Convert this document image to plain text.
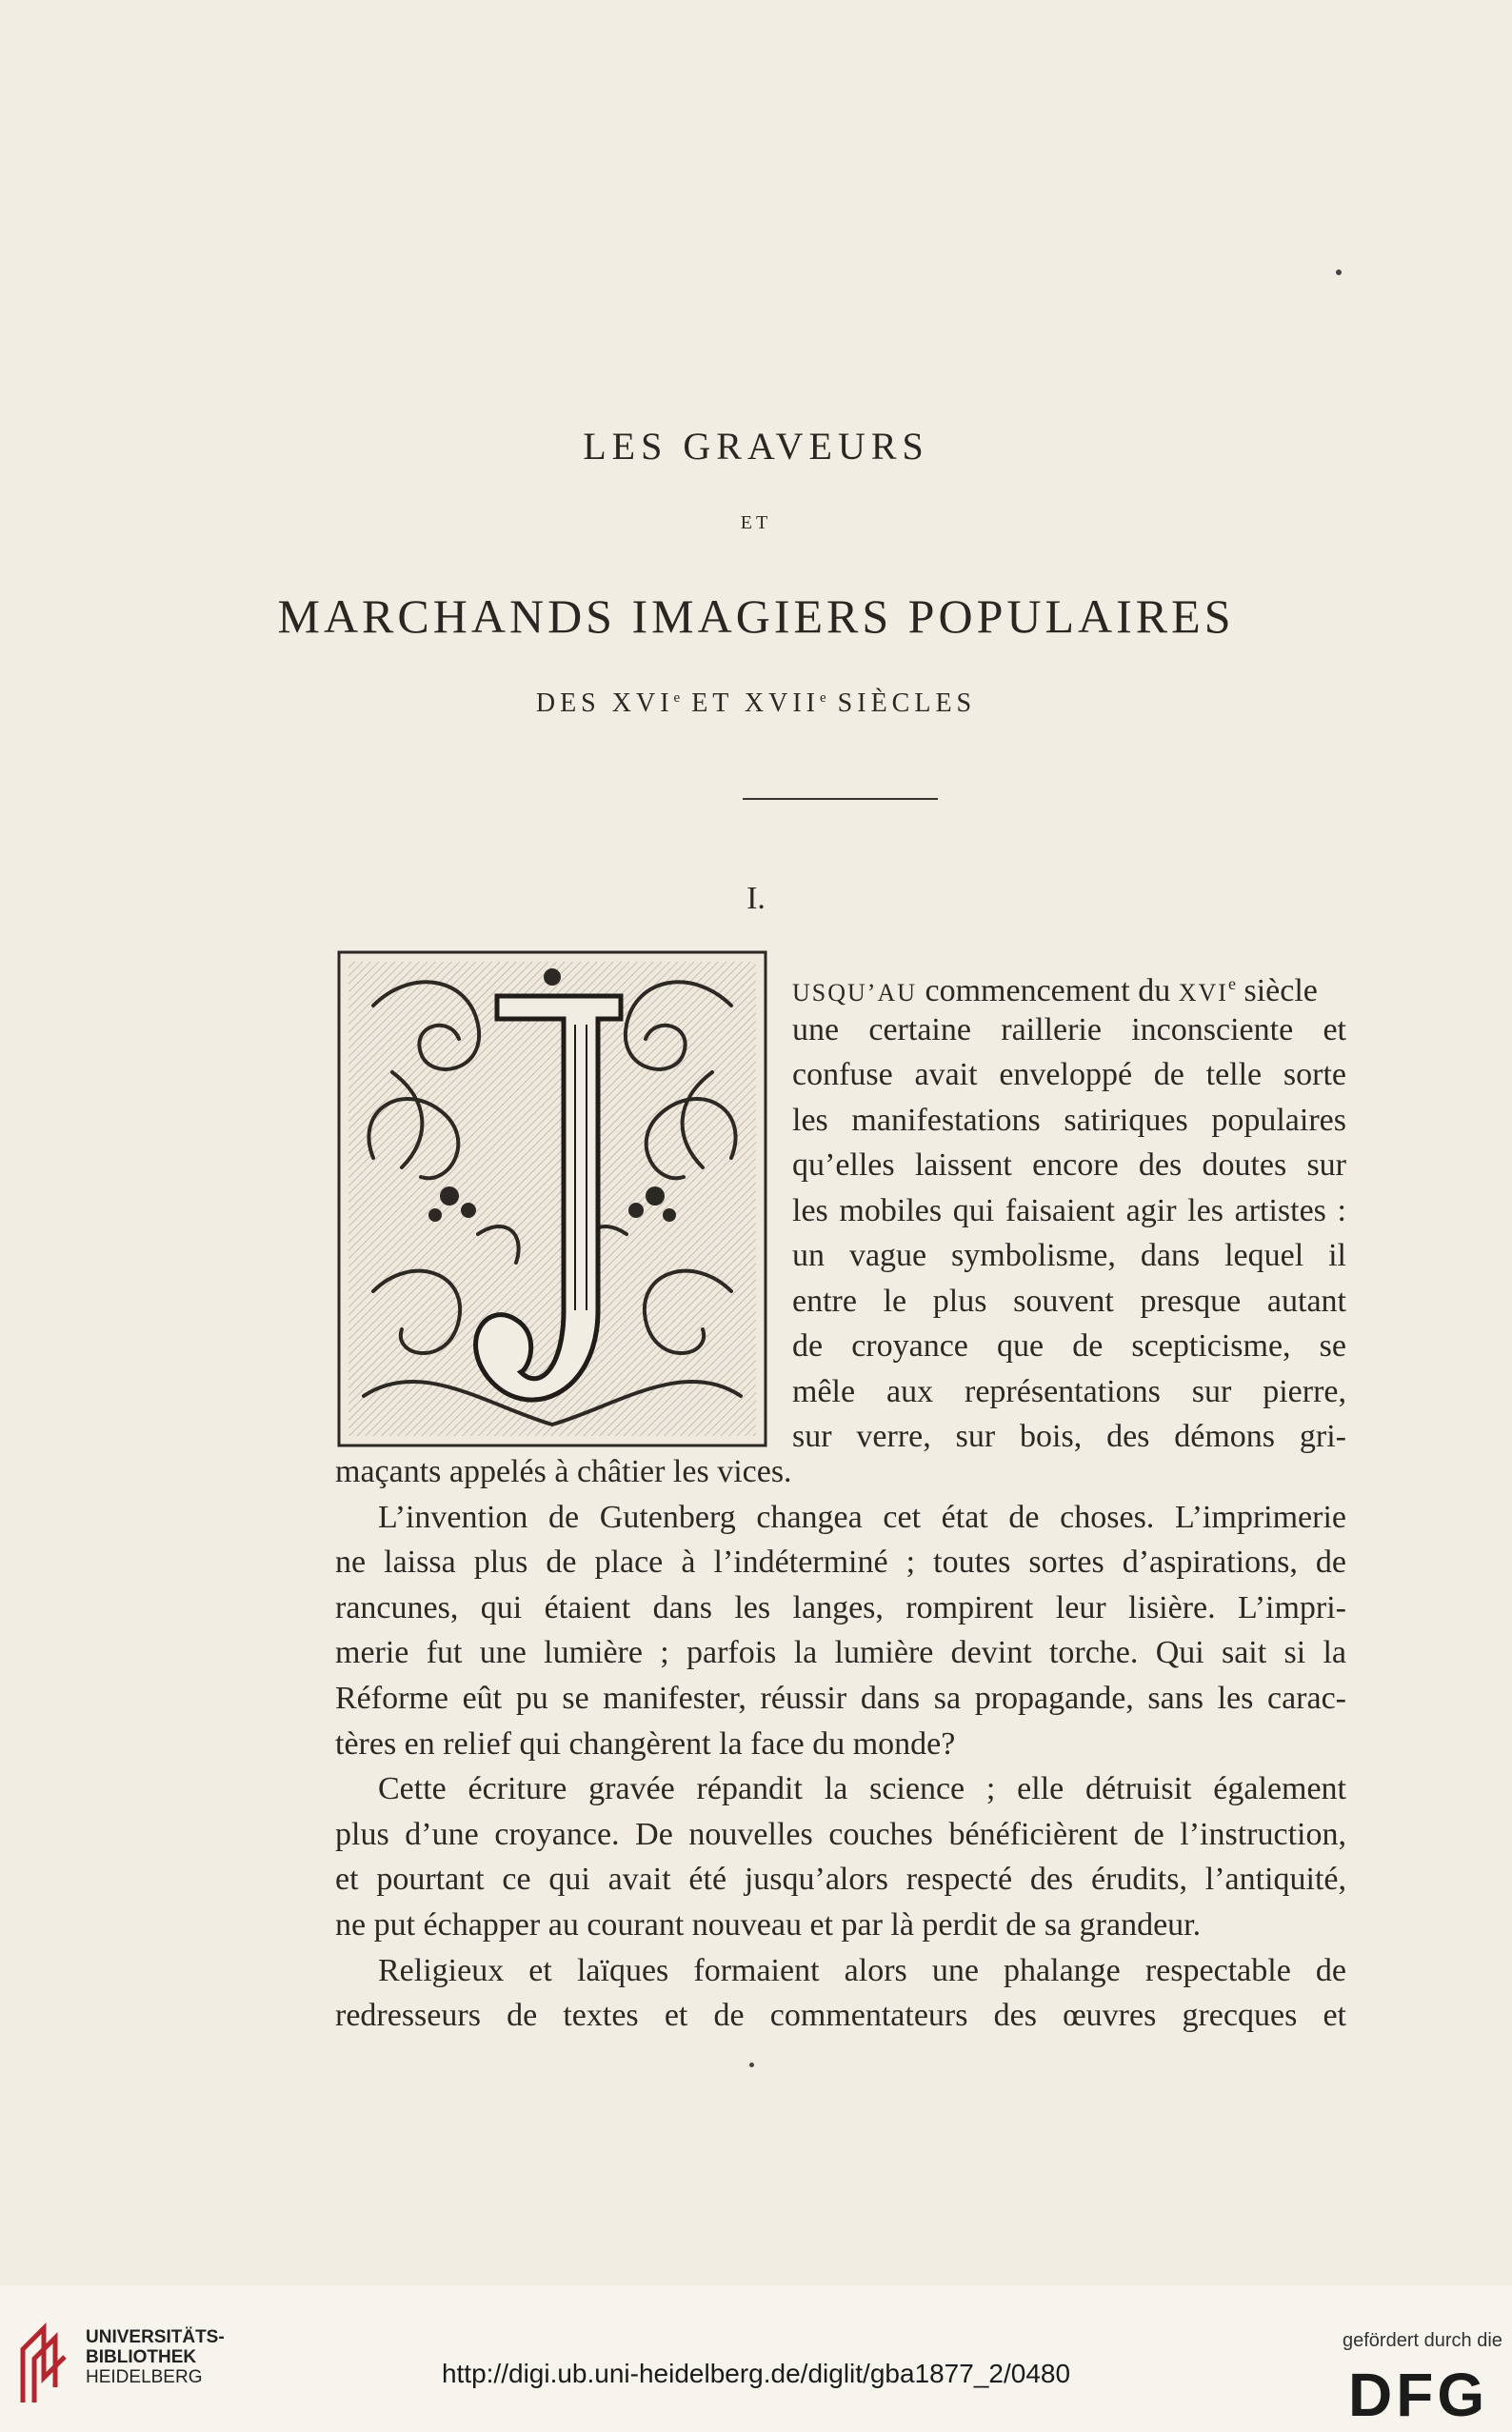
LES GRAVEURS
ET
MARCHANDS IMAGIERS POPULAIRES
DES XVIe ET XVIIe SIÈCLES
I.
USQU’AU commencement du XVIe siècle
une certaine raillerie inconsciente et
confuse avait enveloppé de telle sorte
les manifestations satiriques populaires
qu’elles laissent encore des doutes sur
les mobiles qui faisaient agir les artistes :
un vague symbolisme, dans lequel il
entre le plus souvent presque autant
de croyance que de scepticisme, se
mêle aux représentations sur pierre,
sur verre, sur bois, des démons gri-
maçants appelés à châtier les vices.
L’invention de Gutenberg changea cet état de choses. L’imprimerie
ne laissa plus de place à l’indéterminé ; toutes sortes d’aspirations, de
rancunes, qui étaient dans les langes, rompirent leur lisière. L’impri-
merie fut une lumière ; parfois la lumière devint torche. Qui sait si la
Réforme eût pu se manifester, réussir dans sa propagande, sans les carac-
tères en relief qui changèrent la face du monde?
Cette écriture gravée répandit la science ; elle détruisit également
plus d’une croyance. De nouvelles couches bénéficièrent de l’instruction,
et pourtant ce qui avait été jusqu’alors respecté des érudits, l’antiquité,
ne put échapper au courant nouveau et par là perdit de sa grandeur.
Religieux et laïques formaient alors une phalange respectable de
redresseurs de textes et de commentateurs des œuvres grecques et
UNIVERSITÄTS-
BIBLIOTHEK
HEIDELBERG	http://digi.ub.uni-heidelberg.de/diglit/gba1877_2/0480
gefördert durch die
DFG
